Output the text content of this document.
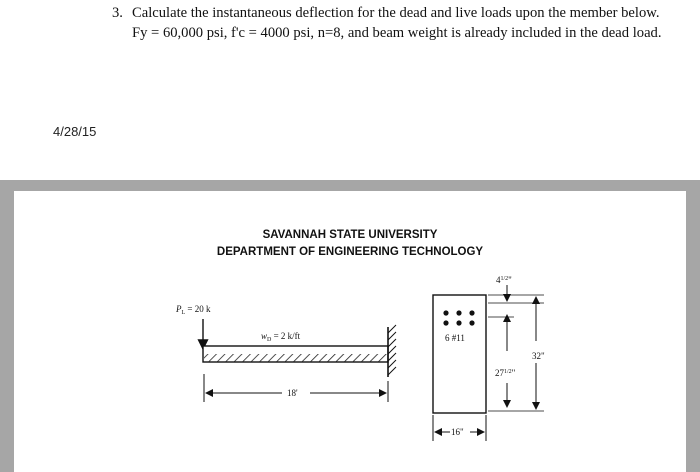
3. Calculate the instantaneous deflection for the dead and live loads upon the member below. Fy = 60,000 psi, f'c = 4000 psi, n=8, and beam weight is already included in the dead load.
4/28/15
SAVANNAH STATE UNIVERSITY
DEPARTMENT OF ENGINEERING TECHNOLOGY
$P_L = 20$ k
$w_D = 2$ k/ft
18'
6 #11
$4^{1/2}$"
$27^{1/2}$"
32"
16"
